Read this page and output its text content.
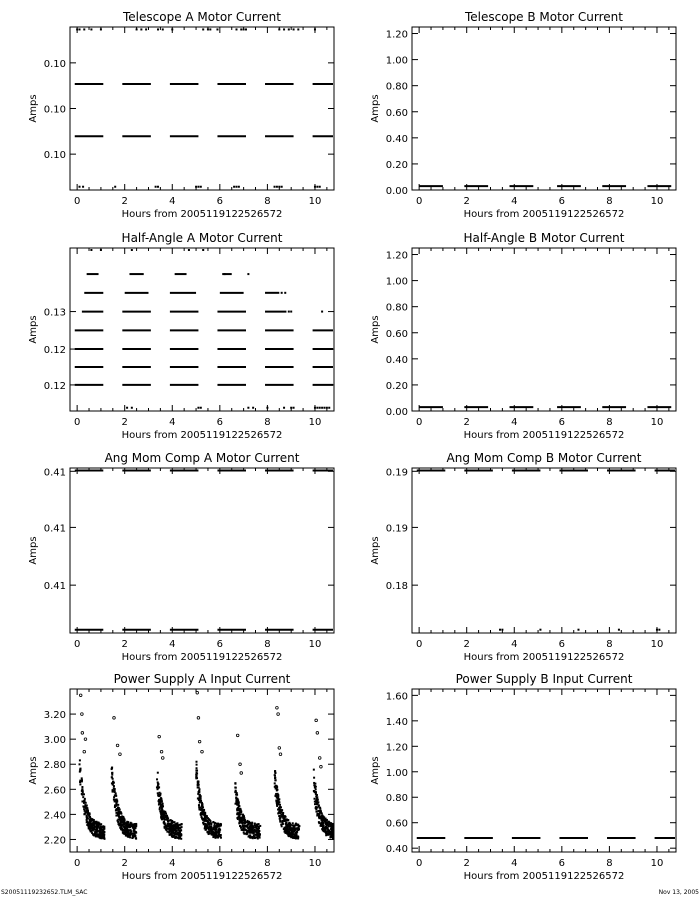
Telescope A Motor Current
Hours from 2005119122526572
Amps
0	2	4	6	8	10
0.10
0.10
0.10
Telescope B Motor Current
Hours from 2005119122526572
Amps
0	2	4	6	8	10
0.00
0.20
0.40
0.60
0.80
1.00
1.20
Half-Angle A Motor Current
Hours from 2005119122526572
Amps
0	2	4	6	8	10
0.12
0.12
0.13
Half-Angle B Motor Current
Hours from 2005119122526572
Amps
0	2	4	6	8	10
0.00
0.20
0.40
0.60
0.80
1.00
1.20
Ang Mom Comp A Motor Current
Hours from 2005119122526572
Amps
0	2	4	6	8	10
0.41
0.41
0.41
Ang Mom Comp B Motor Current
Hours from 2005119122526572
Amps
0	2	4	6	8	10
0.18
0.19
0.19
Power Supply A Input Current
Hours from 2005119122526572
Amps
0	2	4	6	8	10
2.20
2.40
2.60
2.80
3.00
3.20
Power Supply B Input Current
Hours from 2005119122526572
Amps
0	2	4	6	8	10
0.40
0.60
0.80
1.00
1.20
1.40
1.60
S20051119232652.TLM_SAC	Nov 13, 2005
